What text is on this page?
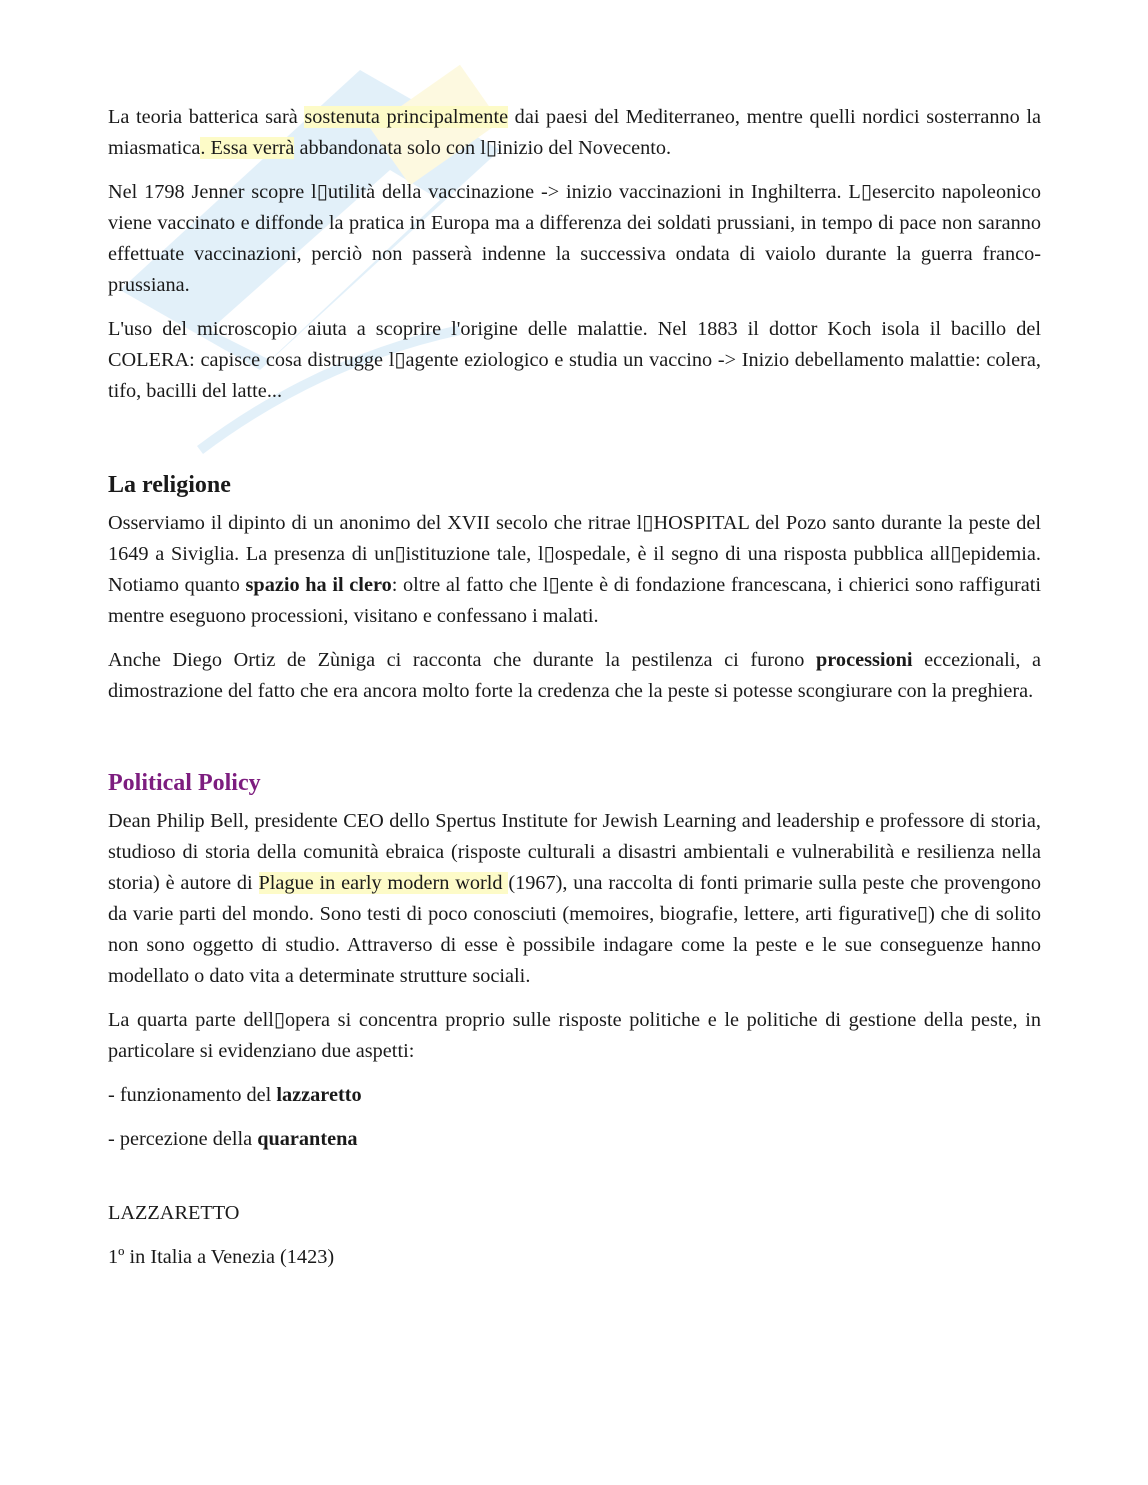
La teoria batterica sarà sostenuta principalmente dai paesi del Mediterraneo, mentre quelli nordici sosterranno la miasmatica. Essa verrà abbandonata solo con l▯inizio del Novecento.

Nel 1798 Jenner scopre l▯utilità della vaccinazione -> inizio vaccinazioni in Inghilterra. L▯esercito napoleonico viene vaccinato e diffonde la pratica in Europa ma a differenza dei soldati prussiani, in tempo di pace non saranno effettuate vaccinazioni, perciò non passerà indenne la successiva ondata di vaiolo durante la guerra franco-prussiana.

L'uso del microscopio aiuta a scoprire l'origine delle malattie. Nel 1883 il dottor Koch isola il bacillo del COLERA: capisce cosa distrugge l▯agente eziologico e studia un vaccino -> Inizio debellamento malattie: colera, tifo, bacilli del latte...

La religione

Osserviamo il dipinto di un anonimo del XVII secolo che ritrae l▯HOSPITAL del Pozo santo durante la peste del 1649 a Siviglia. La presenza di un▯istituzione tale, l▯ospedale, è il segno di una risposta pubblica all▯epidemia. Notiamo quanto spazio ha il clero: oltre al fatto che l▯ente è di fondazione francescana, i chierici sono raffigurati mentre eseguono processioni, visitano e confessano i malati.

Anche Diego Ortiz de Zùniga ci racconta che durante la pestilenza ci furono processioni eccezionali, a dimostrazione del fatto che era ancora molto forte la credenza che la peste si potesse scongiurare con la preghiera.

Political Policy

Dean Philip Bell, presidente CEO dello Spertus Institute for Jewish Learning and leadership e professore di storia, studioso di storia della comunità ebraica (risposte culturali a disastri ambientali e vulnerabilità e resilienza nella storia) è autore di Plague in early modern world (1967), una raccolta di fonti primarie sulla peste che provengono da varie parti del mondo. Sono testi di poco conosciuti (memoires, biografie, lettere, arti figurative▯) che di solito non sono oggetto di studio. Attraverso di esse è possibile indagare come la peste e le sue conseguenze hanno modellato o dato vita a determinate strutture sociali.

La quarta parte dell▯opera si concentra proprio sulle risposte politiche e le politiche di gestione della peste, in particolare si evidenziano due aspetti:

- funzionamento del lazzaretto

- percezione della quarantena

LAZZARETTO

1º in Italia a Venezia (1423)
